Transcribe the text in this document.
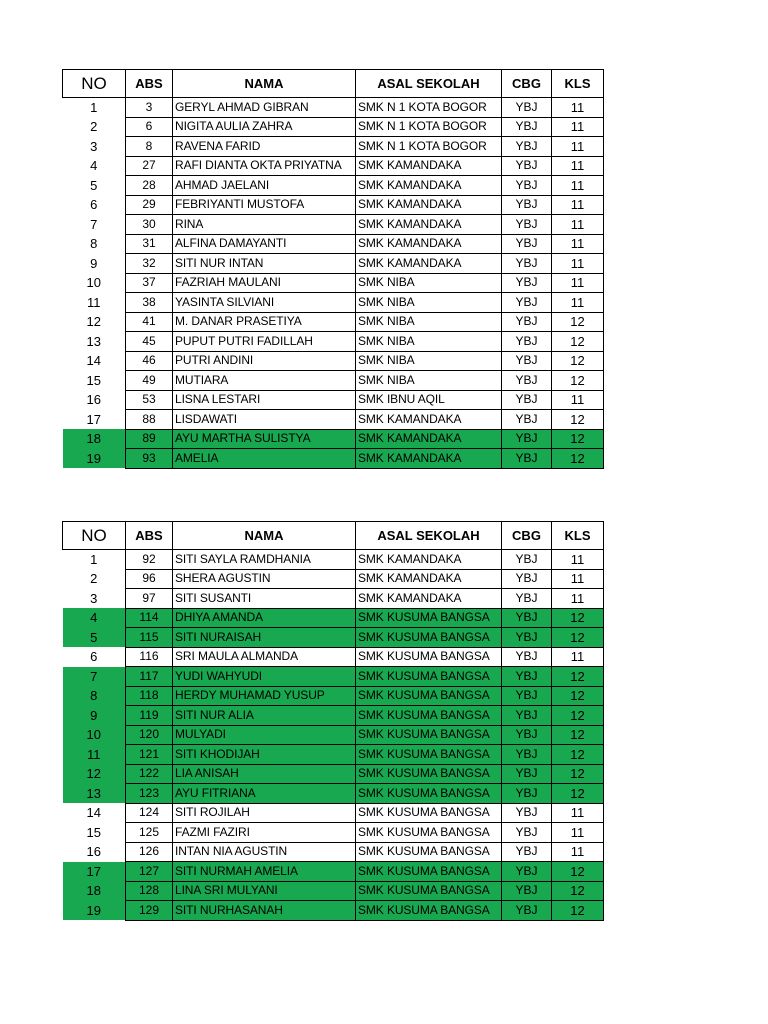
NO	ABS	NAMA	ASAL SEKOLAH	CBG	KLS
1	3	GERYL AHMAD GIBRAN	SMK N 1 KOTA BOGOR	YBJ	11
2	6	NIGITA AULIA ZAHRA	SMK N 1 KOTA BOGOR	YBJ	11
3	8	RAVENA FARID	SMK N 1 KOTA BOGOR	YBJ	11
4	27	RAFI DIANTA OKTA PRIYATNA	SMK KAMANDAKA	YBJ	11
5	28	AHMAD JAELANI	SMK KAMANDAKA	YBJ	11
6	29	FEBRIYANTI MUSTOFA	SMK KAMANDAKA	YBJ	11
7	30	RINA	SMK KAMANDAKA	YBJ	11
8	31	ALFINA DAMAYANTI	SMK KAMANDAKA	YBJ	11
9	32	SITI NUR INTAN	SMK KAMANDAKA	YBJ	11
10	37	FAZRIAH MAULANI	SMK NIBA	YBJ	11
11	38	YASINTA SILVIANI	SMK NIBA	YBJ	11
12	41	M. DANAR PRASETIYA	SMK NIBA	YBJ	12
13	45	PUPUT PUTRI FADILLAH	SMK NIBA	YBJ	12
14	46	PUTRI ANDINI	SMK NIBA	YBJ	12
15	49	MUTIARA	SMK NIBA	YBJ	12
16	53	LISNA LESTARI	SMK IBNU AQIL	YBJ	11
17	88	LISDAWATI	SMK KAMANDAKA	YBJ	12
18	89	AYU MARTHA SULISTYA	SMK KAMANDAKA	YBJ	12
19	93	AMELIA	SMK KAMANDAKA	YBJ	12
NO	ABS	NAMA	ASAL SEKOLAH	CBG	KLS
1	92	SITI SAYLA RAMDHANIA	SMK KAMANDAKA	YBJ	11
2	96	SHERA AGUSTIN	SMK KAMANDAKA	YBJ	11
3	97	SITI SUSANTI	SMK KAMANDAKA	YBJ	11
4	114	DHIYA AMANDA	SMK KUSUMA BANGSA	YBJ	12
5	115	SITI NURAISAH	SMK KUSUMA BANGSA	YBJ	12
6	116	SRI MAULA ALMANDA	SMK KUSUMA BANGSA	YBJ	11
7	117	YUDI WAHYUDI	SMK KUSUMA BANGSA	YBJ	12
8	118	HERDY MUHAMAD YUSUP	SMK KUSUMA BANGSA	YBJ	12
9	119	SITI NUR ALIA	SMK KUSUMA BANGSA	YBJ	12
10	120	MULYADI	SMK KUSUMA BANGSA	YBJ	12
11	121	SITI KHODIJAH	SMK KUSUMA BANGSA	YBJ	12
12	122	LIA ANISAH	SMK KUSUMA BANGSA	YBJ	12
13	123	AYU FITRIANA	SMK KUSUMA BANGSA	YBJ	12
14	124	SITI ROJILAH	SMK KUSUMA BANGSA	YBJ	11
15	125	FAZMI FAZIRI	SMK KUSUMA BANGSA	YBJ	11
16	126	INTAN NIA AGUSTIN	SMK KUSUMA BANGSA	YBJ	11
17	127	SITI NURMAH AMELIA	SMK KUSUMA BANGSA	YBJ	12
18	128	LINA SRI MULYANI	SMK KUSUMA BANGSA	YBJ	12
19	129	SITI NURHASANAH	SMK KUSUMA BANGSA	YBJ	12
